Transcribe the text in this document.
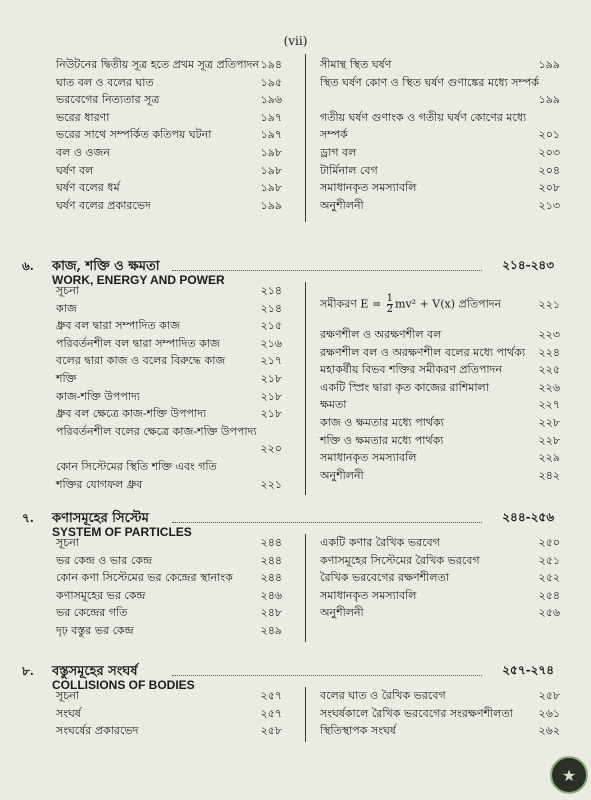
(vii)
নিউটনের দ্বিতীয় সূত্র হতে প্রথম সূত্র প্রতিপাদন ১৯৪
ঘাত বল ও বলের ঘাত	১৯৫
ভরবেগের নিত্যতার সূত্র	১৯৬
ভরের ধারণা	১৯৭
ভরের সাথে সম্পর্কিত কতিপয় ঘটনা	১৯৭
বল ও ওজন	১৯৮
ঘর্ষণ বল	১৯৮
ঘর্ষণ বলের ধর্ম	১৯৮
ঘর্ষণ বলের প্রকারভেদ	১৯৯
সীমান্থ স্থিত ঘর্ষণ	১৯৯
স্থিত ঘর্ষণ কোণ ও স্থিত ঘর্ষণ গুণাঙ্কের মধ্যে সম্পর্ক
১৯৯
গতীয় ঘর্ষণ গুণাংক ও গতীয় ঘর্ষণ কোণের মধ্যে
সম্পর্ক	২০১
ড্রাগ বল	২০৩
টার্মিনাল বেগ	২০৪
সমাধানকৃত সমস্যাবলি	২০৮
অনুশীলনী	২১৩
৬. কাজ, শক্তি ও ক্ষমতা
WORK, ENERGY AND POWER
২১৪-২৪৩
সূচনা	২১৪
কাজ	২১৪
ধ্রুব বল দ্বারা সম্পাদিত কাজ	২১৫
পরিবর্তনশীল বল দ্বারা সম্পাদিত কাজ	২১৬
বলের দ্বারা কাজ ও বলের বিরুদ্ধে কাজ	২১৭
শক্তি	২১৮
কাজ-শক্তি উপপাদ্য	২১৮
ধ্রুব বল ক্ষেত্রে কাজ-শক্তি উপপাদ্য	২১৮
পরিবর্তনশীল বলের ক্ষেত্রে কাজ-শক্তি উপপাদ্য
২২০
কোন সিস্টেমের স্থিতি শক্তি এবং গতি
শক্তির যোগফল ধ্রুব	২২১
সমীকরণ $E = \frac{1}{2} mv^2 + V(x)$ প্রতিপাদন	২২১
রক্ষণশীল ও অরক্ষণশীল বল	২২৩
রক্ষণশীল বল ও অরক্ষণশীল বলের মধ্যে পার্থক্য ২২৪
মহাকর্ষীয় বিভব শক্তির সমীকরণ প্রতিপাদন	২২৫
একটি স্প্রিং দ্বারা কৃত কাজের রাশিমালা	২২৬
ক্ষমতা	২২৭
কাজ ও ক্ষমতার মধ্যে পার্থক্য	২২৮
শক্তি ও ক্ষমতার মধ্যে পার্থক্য	২২৮
সমাধানকৃত সমস্যাবলি	২২৯
অনুশীলনী	২৪২
৭. কণাসমূহের সিস্টেম
SYSTEM OF PARTICLES
২৪৪-২৫৬
সূচনা	২৪৪
ভর কেন্দ্র ও ভার কেন্দ্র	২৪৪
কোন কণা সিস্টেমের ভর কেন্দ্রের স্থানাংক	২৪৪
কণাসমূহের ভর কেন্দ্র	২৪৬
ভর কেন্দ্রের গতি	২৪৮
দৃঢ় বস্তুর ভর কেন্দ্র	২৪৯
একটি কণার রৈখিক ভরবেগ	২৫০
কণাসমূহের সিস্টেমের রৈখিক ভরবেগ	২৫১
রৈখিক ভরবেগের রক্ষণশীলতা	২৫২
সমাধানকৃত সমস্যাবলি	২৫৪
অনুশীলনী	২৫৬
৮. বস্তুসমূহের সংঘর্ষ
COLLISIONS OF BODIES
২৫৭-২৭৪
সূচনা	২৫৭
সংঘর্ষ	২৫৭
সংঘর্ষের প্রকারভেদ	২৫৮
বলের ঘাত ও রৈখিক ভরবেগ	২৫৮
সংঘর্ষকালে রৈখিক ভরবেগের সংরক্ষণশীলতা ২৬১
স্থিতিস্থাপক সংঘর্ষ	২৬২
★
